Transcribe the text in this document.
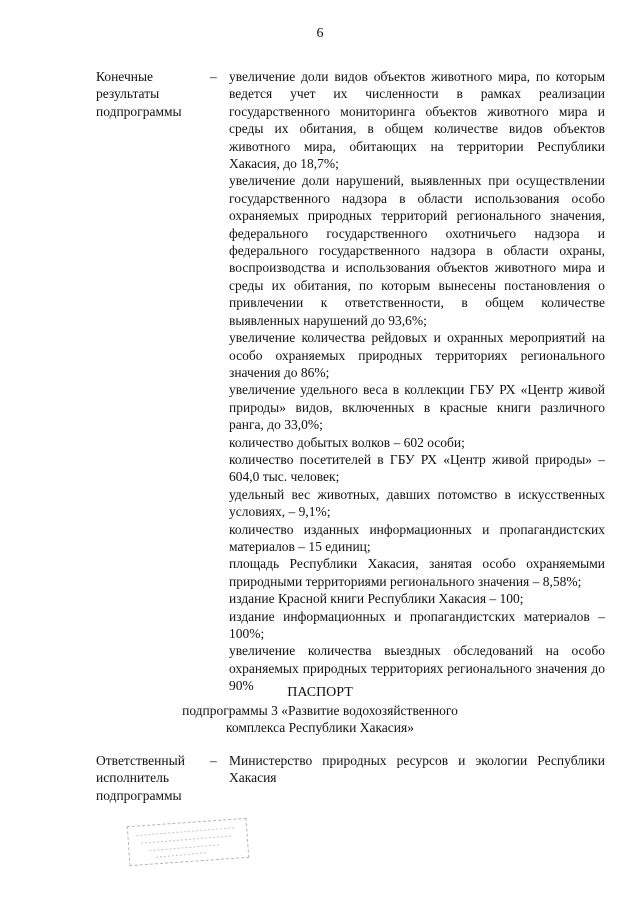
6
Конечные
результаты
подпрограммы
– увеличение доли видов объектов животного мира, по которым ведется учет их численности в рамках реализации государственного мониторинга объектов животного мира и среды их обитания, в общем количестве видов объектов животного мира, обитающих на территории Республики Хакасия, до 18,7%;

увеличение доли нарушений, выявленных при осуществлении государственного надзора в области использования особо охраняемых природных территорий регионального значения, федерального государственного охотничьего надзора и федерального государственного надзора в области охраны, воспроизводства и использования объектов животного мира и среды их обитания, по которым вынесены постановления о привлечении к ответственности, в общем количестве выявленных нарушений до 93,6%;

увеличение количества рейдовых и охранных мероприятий на особо охраняемых природных территориях регионального значения до 86%;

увеличение удельного веса в коллекции ГБУ РХ «Центр живой природы» видов, включенных в красные книги различного ранга, до 33,0%;

количество добытых волков – 602 особи;

количество посетителей в ГБУ РХ «Центр живой природы» – 604,0 тыс. человек;

удельный вес животных, давших потомство в искусственных условиях, – 9,1%;

количество изданных информационных и пропагандистских материалов – 15 единиц;

площадь Республики Хакасия, занятая особо охраняемыми природными территориями регионального значения – 8,58%;

издание Красной книги Республики Хакасия – 100;

издание информационных и пропагандистских материалов – 100%;

увеличение количества выездных обследований на особо охраняемых природных территориях регионального значения до 90%	ПАСПОРТ

подпрограммы 3 «Развитие водохозяйственного

комплекса Республики Хакасия»

Ответственный
исполнитель
подпрограммы
– Министерство природных ресурсов и экологии Республики Хакасия
